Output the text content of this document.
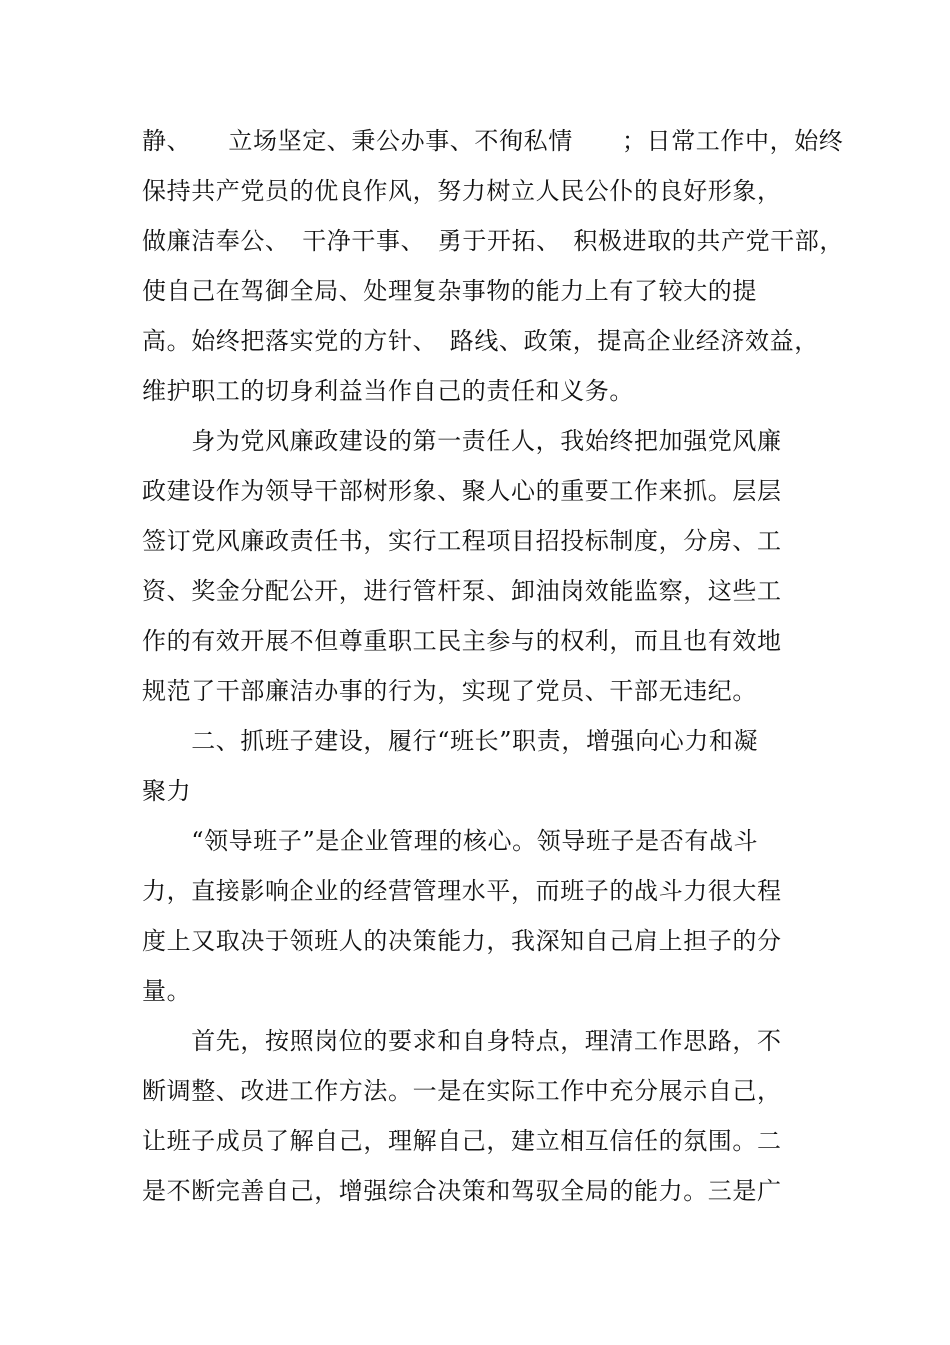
静、　　立场坚定、秉公办事、不徇私情　　；日常工作中，始终
保持共产党员的优良作风，努力树立人民公仆的良好形象，
做廉洁奉公、　干净干事、　勇于开拓、　积极进取的共产党干部，
使自己在驾御全局、处理复杂事物的能力上有了较大的提
高。始终把落实党的方针、　路线、政策，提高企业经济效益，
维护职工的切身利益当作自己的责任和义务。
　　身为党风廉政建设的第一责任人，我始终把加强党风廉
政建设作为领导干部树形象、聚人心的重要工作来抓。层层
签订党风廉政责任书，实行工程项目招投标制度，分房、工
资、奖金分配公开，进行管杆泵、卸油岗效能监察，这些工
作的有效开展不但尊重职工民主参与的权利，而且也有效地
规范了干部廉洁办事的行为，实现了党员、干部无违纪。
　　二、抓班子建设，履行“班长”职责，增强向心力和凝
聚力
　　“领导班子”是企业管理的核心。领导班子是否有战斗
力，直接影响企业的经营管理水平，而班子的战斗力很大程
度上又取决于领班人的决策能力，我深知自己肩上担子的分
量。
　　首先，按照岗位的要求和自身特点，理清工作思路，不
断调整、改进工作方法。一是在实际工作中充分展示自己，
让班子成员了解自己，理解自己，建立相互信任的氛围。二
是不断完善自己，增强综合决策和驾驭全局的能力。三是广
